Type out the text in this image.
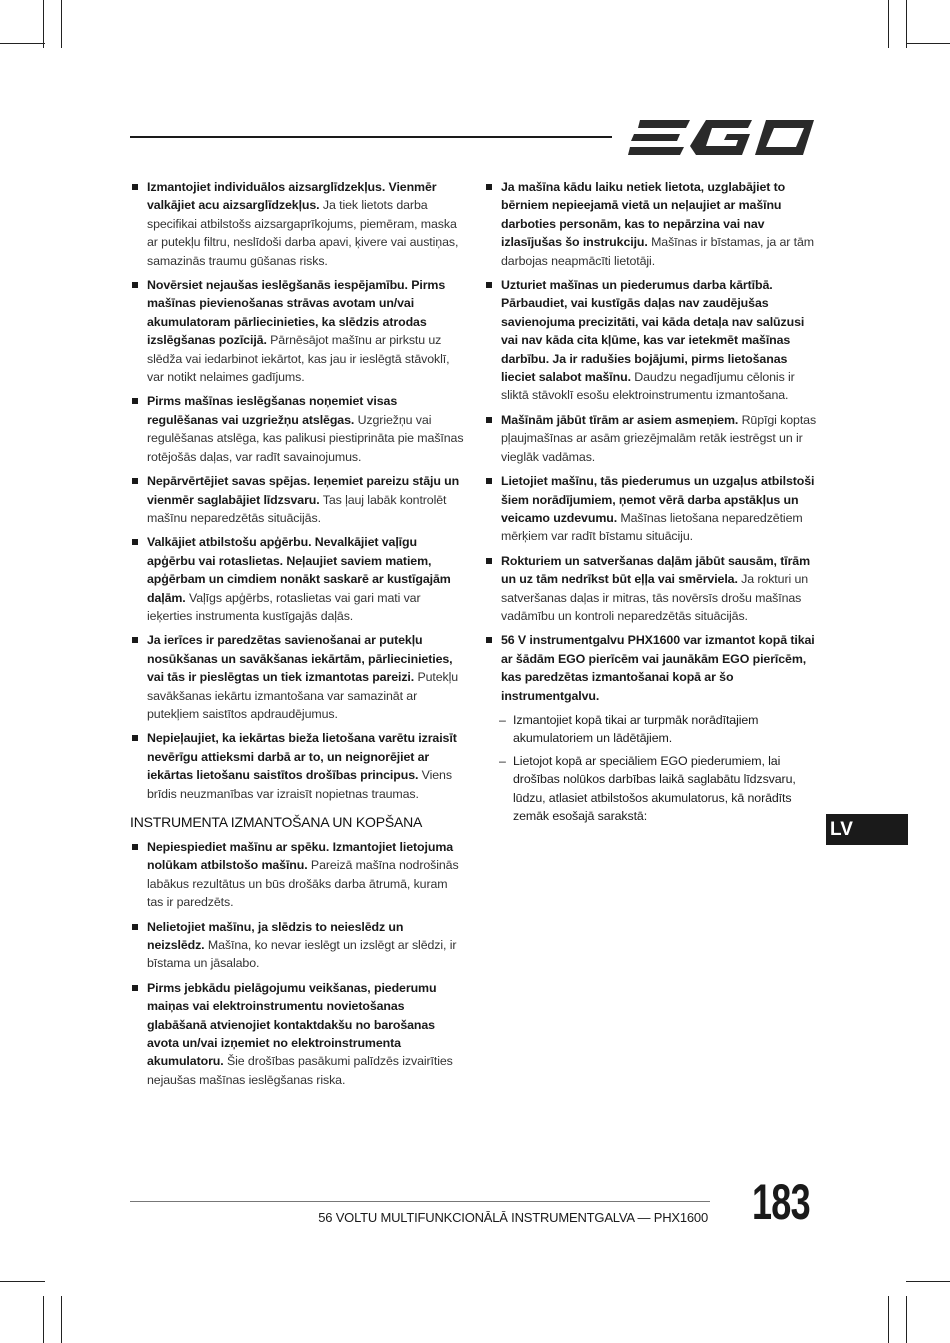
Izmantojiet individuālos aizsarglīdzekļus. Vienmēr valkājiet acu aizsarglīdzekļus. Ja tiek lietots darba specifikai atbilstošs aizsargaprīkojums, piemēram, maska ar putekļu filtru, neslīdoši darba apavi, ķivere vai austiņas, samazinās traumu gūšanas risks.
Novērsiet nejaušas ieslēgšanās iespējamību. Pirms mašīnas pievienošanas strāvas avotam un/vai akumulatoram pārliecinieties, ka slēdzis atrodas izslēgšanas pozīcijā. Pārnēsājot mašīnu ar pirkstu uz slēdža vai iedarbinot iekārtot, kas jau ir ieslēgtā stāvoklī, var notikt nelaimes gadījums.
Pirms mašīnas ieslēgšanas noņemiet visas regulēšanas vai uzgriežņu atslēgas. Uzgriežņu vai regulēšanas atslēga, kas palikusi piestiprināta pie mašīnas rotējošās daļas, var radīt savainojumus.
Nepārvērtējiet savas spējas. Ieņemiet pareizu stāju un vienmēr saglabājiet līdzsvaru. Tas ļauj labāk kontrolēt mašīnu neparedzētās situācijās.
Valkājiet atbilstošu apģērbu. Nevalkājiet vaļīgu apģērbu vai rotaslietas. Neļaujiet saviem matiem, apģērbam un cimdiem nonākt saskarē ar kustīgajām daļām. Vaļīgs apģērbs, rotaslietas vai gari mati var ieķerties instrumenta kustīgajās daļās.
Ja ierīces ir paredzētas savienošanai ar putekļu nosūkšanas un savākšanas iekārtām, pārliecinieties, vai tās ir pieslēgtas un tiek izmantotas pareizi. Putekļu savākšanas iekārtu izmantošana var samazināt ar putekļiem saistītos apdraudējumus.
Nepieļaujiet, ka iekārtas bieža lietošana varētu izraisīt nevērīgu attieksmi darbā ar to, un neignorējiet ar iekārtas lietošanu saistītos drošības principus. Viens brīdis neuzmanības var izraisīt nopietnas traumas.
INSTRUMENTA IZMANTOŠANA UN KOPŠANA
Nepiespiediet mašīnu ar spēku. Izmantojiet lietojuma nolūkam atbilstošo mašīnu. Pareizā mašīna nodrošinās labākus rezultātus un būs drošāks darba ātrumā, kuram tas ir paredzēts.
Nelietojiet mašīnu, ja slēdzis to neieslēdz un neizslēdz. Mašīna, ko nevar ieslēgt un izslēgt ar slēdzi, ir bīstama un jāsalabo.
Pirms jebkādu pielāgojumu veikšanas, piederumu maiņas vai elektroinstrumentu novietošanas glabāšanā atvienojiet kontaktdakšu no barošanas avota un/vai izņemiet no elektroinstrumenta akumulatoru. Šie drošības pasākumi palīdzēs izvairīties nejaušas mašīnas ieslēgšanas riska.
Ja mašīna kādu laiku netiek lietota, uzglabājiet to bērniem nepieejamā vietā un neļaujiet ar mašīnu darboties personām, kas to nepārzina vai nav izlasījušas šo instrukciju. Mašīnas ir bīstamas, ja ar tām darbojas neapmācīti lietotāji.
Uzturiet mašīnas un piederumus darba kārtībā. Pārbaudiet, vai kustīgās daļas nav zaudējušas savienojuma precizitāti, vai kāda detaļa nav salūzusi vai nav kāda cita kļūme, kas var ietekmēt mašīnas darbību. Ja ir radušies bojājumi, pirms lietošanas lieciet salabot mašīnu. Daudzu negadījumu cēlonis ir sliktā stāvoklī esošu elektroinstrumentu izmantošana.
Mašīnām jābūt tīrām ar asiem asmeņiem. Rūpīgi koptas pļaujmašīnas ar asām griezējmalām retāk iestrēgst un ir vieglāk vadāmas.
Lietojiet mašīnu, tās piederumus un uzgaļus atbilstoši šiem norādījumiem, ņemot vērā darba apstākļus un veicamo uzdevumu. Mašīnas lietošana neparedzētiem mērķiem var radīt bīstamu situāciju.
Rokturiem un satveršanas daļām jābūt sausām, tīrām un uz tām nedrīkst būt eļļa vai smērviela. Ja rokturi un satveršanas daļas ir mitras, tās novērsīs drošu mašīnas vadāmību un kontroli neparedzētās situācijās.
56 V instrumentgalvu PHX1600 var izmantot kopā tikai ar šādām EGO pierīcēm vai jaunākām EGO pierīcēm, kas paredzētas izmantošanai kopā ar šo instrumentgalvu.
– Izmantojiet kopā tikai ar turpmāk norādītajiem akumulatoriem un lādētājiem.
– Lietojot kopā ar speciāliem EGO piederumiem, lai drošības nolūkos darbības laikā saglabātu līdzsvaru, lūdzu, atlasiet atbilstošos akumulatorus, kā norādīts zemāk esošajā sarakstā:
LV
56 VOLTU MULTIFUNKCIONĀLĀ INSTRUMENTGALVA — PHX1600 183
